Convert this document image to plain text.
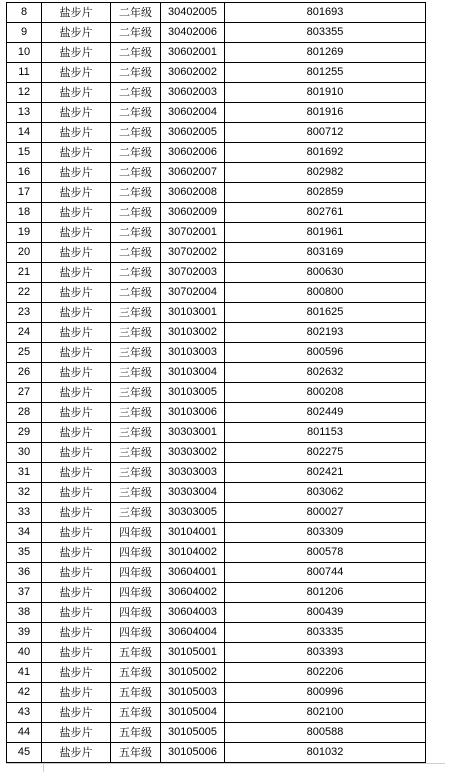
8	盐步片	二年级	30402005	801693
9	盐步片	二年级	30402006	803355
10	盐步片	二年级	30602001	801269
11	盐步片	二年级	30602002	801255
12	盐步片	二年级	30602003	801910
13	盐步片	二年级	30602004	801916
14	盐步片	二年级	30602005	800712
15	盐步片	二年级	30602006	801692
16	盐步片	二年级	30602007	802982
17	盐步片	二年级	30602008	802859
18	盐步片	二年级	30602009	802761
19	盐步片	二年级	30702001	801961
20	盐步片	二年级	30702002	803169
21	盐步片	二年级	30702003	800630
22	盐步片	二年级	30702004	800800
23	盐步片	三年级	30103001	801625
24	盐步片	三年级	30103002	802193
25	盐步片	三年级	30103003	800596
26	盐步片	三年级	30103004	802632
27	盐步片	三年级	30103005	800208
28	盐步片	三年级	30103006	802449
29	盐步片	三年级	30303001	801153
30	盐步片	三年级	30303002	802275
31	盐步片	三年级	30303003	802421
32	盐步片	三年级	30303004	803062
33	盐步片	三年级	30303005	800027
34	盐步片	四年级	30104001	803309
35	盐步片	四年级	30104002	800578
36	盐步片	四年级	30604001	800744
37	盐步片	四年级	30604002	801206
38	盐步片	四年级	30604003	800439
39	盐步片	四年级	30604004	803335
40	盐步片	五年级	30105001	803393
41	盐步片	五年级	30105002	802206
42	盐步片	五年级	30105003	800996
43	盐步片	五年级	30105004	802100
44	盐步片	五年级	30105005	800588
45	盐步片	五年级	30105006	801032
